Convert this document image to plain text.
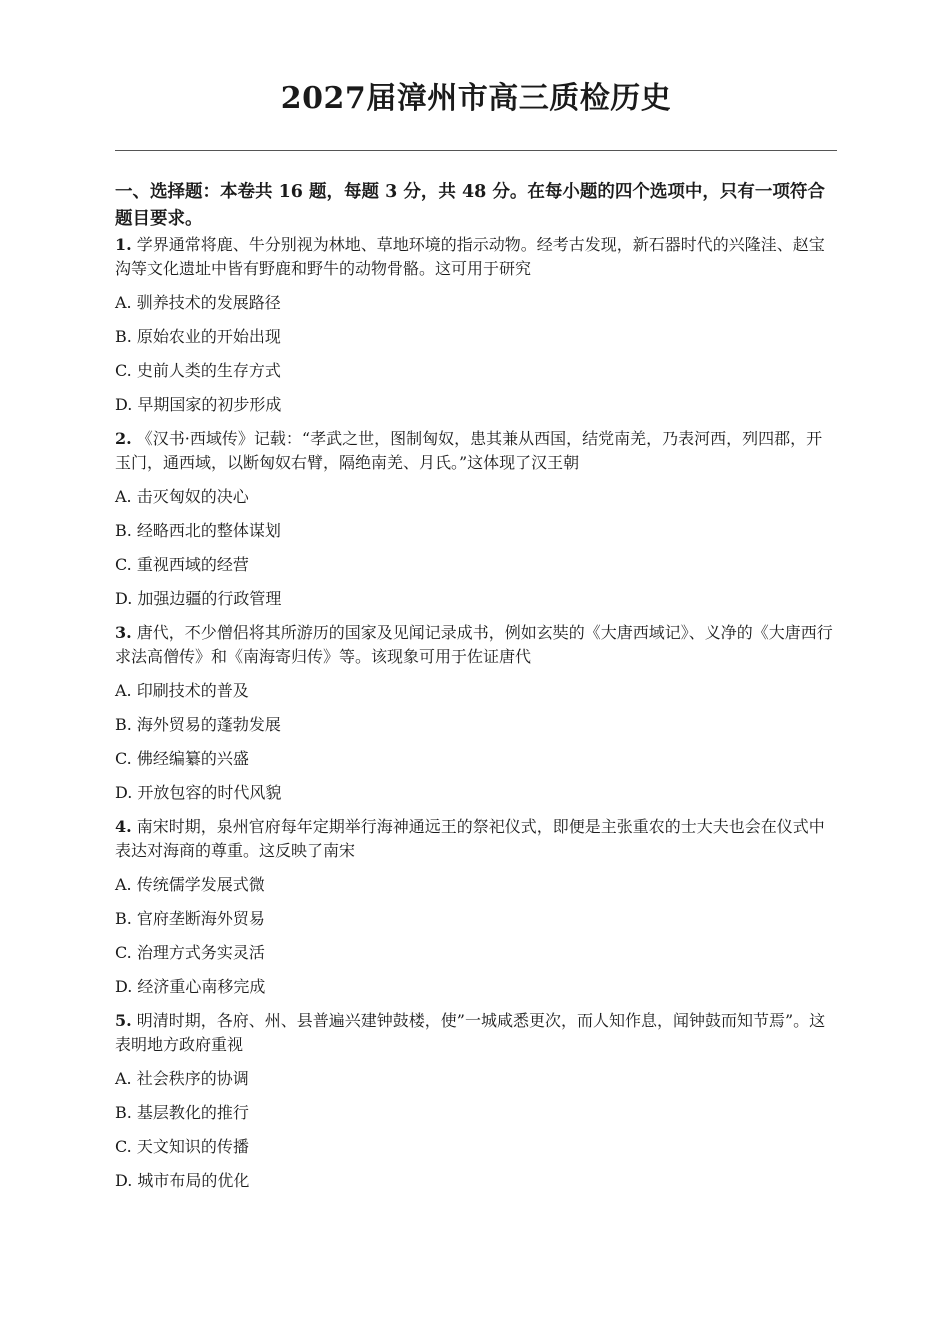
2027届漳州市高三质检历史
一、选择题：本卷共 16 题，每题 3 分，共 48 分。在每小题的四个选项中，只有一项符合题目要求。

1. 学界通常将鹿、牛分别视为林地、草地环境的指示动物。经考古发现，新石器时代的兴隆洼、赵宝沟等文化遗址中皆有野鹿和野牛的动物骨骼。这可用于研究

A. 驯养技术的发展路径

B. 原始农业的开始出现

C. 史前人类的生存方式

D. 早期国家的初步形成

2. 《汉书·西域传》记载：“孝武之世，图制匈奴，患其兼从西国，结党南羌，乃表河西，列四郡，开玉门，通西域，以断匈奴右臂，隔绝南羌、月氏。”这体现了汉王朝

A. 击灭匈奴的决心

B. 经略西北的整体谋划

C. 重视西域的经营

D. 加强边疆的行政管理

3. 唐代，不少僧侣将其所游历的国家及见闻记录成书，例如玄奘的《大唐西域记》、义净的《大唐西行求法高僧传》和《南海寄归传》等。该现象可用于佐证唐代

A. 印刷技术的普及

B. 海外贸易的蓬勃发展

C. 佛经编纂的兴盛

D. 开放包容的时代风貌

4. 南宋时期，泉州官府每年定期举行海神通远王的祭祀仪式，即便是主张重农的士大夫也会在仪式中表达对海商的尊重。这反映了南宋

A. 传统儒学发展式微

B. 官府垄断海外贸易

C. 治理方式务实灵活

D. 经济重心南移完成

5. 明清时期，各府、州、县普遍兴建钟鼓楼，使”一城咸悉更次，而人知作息，闻钟鼓而知节焉”。这表明地方政府重视

A. 社会秩序的协调

B. 基层教化的推行

C. 天文知识的传播

D. 城市布局的优化
